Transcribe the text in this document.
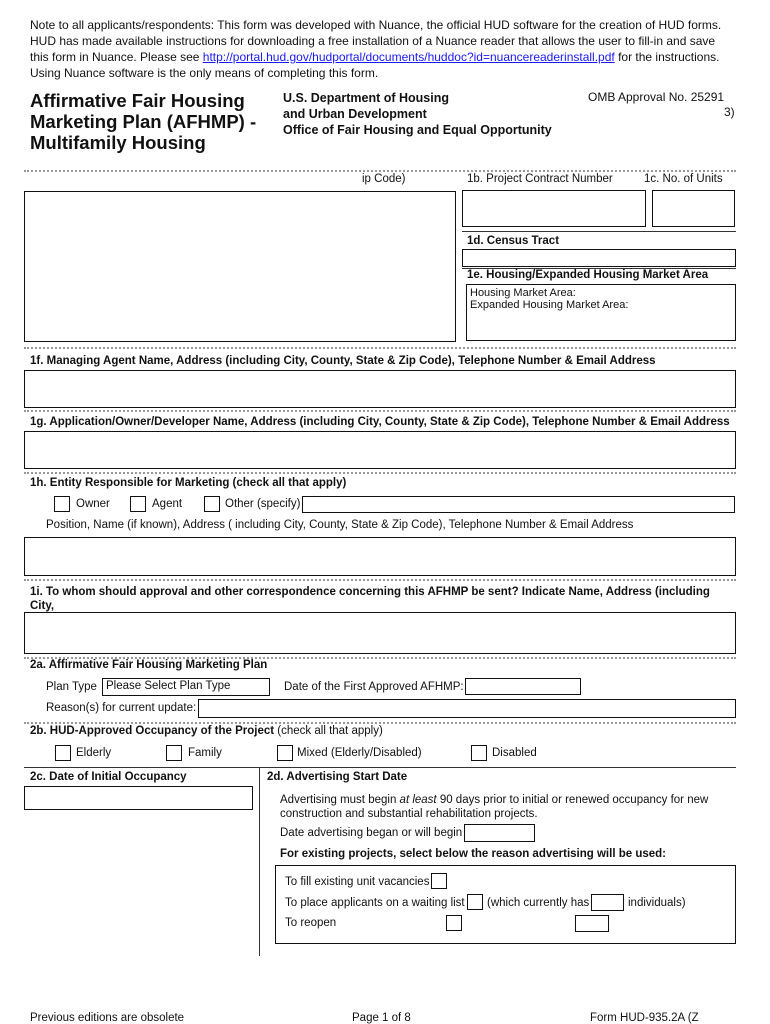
Note to all applicants/respondents: This form was developed with Nuance, the official HUD software for the creation of HUD forms. HUD has made available instructions for downloading a free installation of a Nuance reader that allows the user to fill-in and save this form in Nuance. Please see http://portal.hud.gov/hudportal/documents/huddoc?id=nuancereaderinstall.pdf for the instructions. Using Nuance software is the only means of completing this form.
Affirmative Fair Housing
Marketing Plan (AFHMP) -
Multifamily Housing
U.S. Department of Housing
and Urban Development
Office of Fair Housing and Equal Opportunity
OMB Approval No. 25291
3)
ip Code)	1b. Project Contract Number	1c. No. of Units
1d. Census Tract
1e. Housing/Expanded Housing Market Area
Housing Market Area:
Expanded Housing Market Area:
1f. Managing Agent Name, Address (including City, County, State & Zip Code), Telephone Number & Email Address
1g. Application/Owner/Developer Name, Address (including City, County, State & Zip Code), Telephone Number & Email Address
1h. Entity Responsible for Marketing (check all that apply)
Owner	Agent	Other (specify)
Position, Name (if known), Address ( including City, County, State & Zip Code), Telephone Number & Email Address
1i. To whom should approval and other correspondence concerning this AFHMP be sent? Indicate Name, Address (including City,
2a. Affirmative Fair Housing Marketing Plan
Plan Type Please Select Plan Type	Date of the First Approved AFHMP:
Reason(s) for current update:
2b. HUD-Approved Occupancy of the Project (check all that apply)
Elderly	Family	Mixed (Elderly/Disabled)	Disabled
2c. Date of Initial Occupancy	2d. Advertising Start Date
Advertising must begin at least 90 days prior to initial or renewed occupancy for new
construction and substantial rehabilitation projects.
Date advertising began or will begin
For existing projects, select below the reason advertising will be used:
To fill existing unit vacancies
To place applicants on a waiting list (which currently has	individuals)
To reopen
Previous editions are obsolete	Page 1 of 8	Form HUD-935.2A (Z
